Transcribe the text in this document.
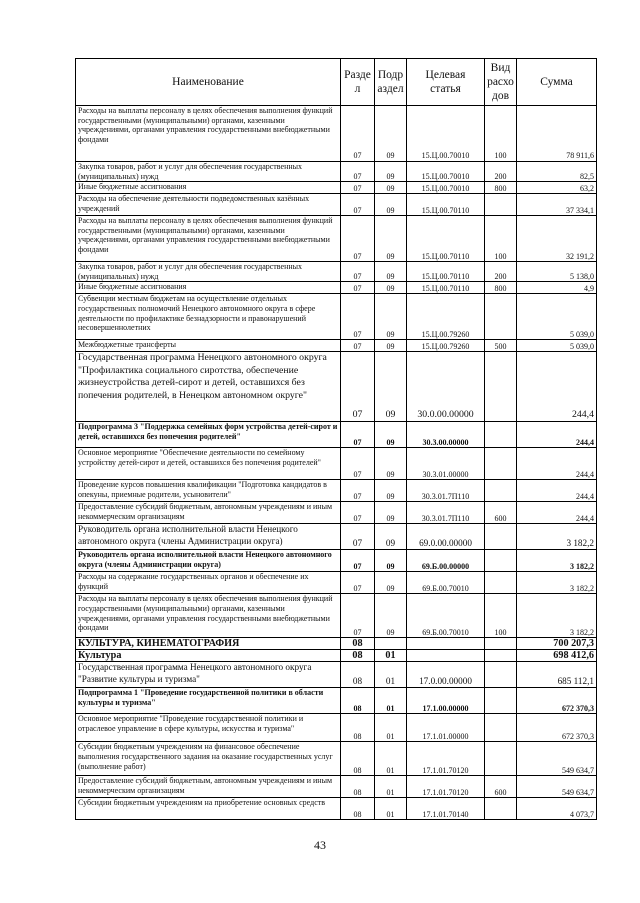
Наименование	Разде л	Подр аздел	Целевая статья	Вид расхо дов	Сумма
Расходы на выплаты персоналу в целях обеспечения выполнения функций государственными (муниципальными) органами, казенными учреждениями, органами управления государственными внебюджетными фондами	07	09	15.Ц.00.70010	100	78 911,6
Закупка товаров, работ и услуг для обеспечения государственных (муниципальных) нужд	07	09	15.Ц.00.70010	200	82,5
Иные бюджетные ассигнования	07	09	15.Ц.00.70010	800	63,2
Расходы на обеспечение деятельности подведомственных казённых учреждений	07	09	15.Ц.00.70110		37 334,1
Расходы на выплаты персоналу в целях обеспечения выполнения функций государственными (муниципальными) органами, казенными учреждениями, органами управления государственными внебюджетными фондами	07	09	15.Ц.00.70110	100	32 191,2
Закупка товаров, работ и услуг для обеспечения государственных (муниципальных) нужд	07	09	15.Ц.00.70110	200	5 138,0
Иные бюджетные ассигнования	07	09	15.Ц.00.70110	800	4,9
Субвенции местным бюджетам на осуществление отдельных государственных полномочий Ненецкого автономного округа в сфере деятельности по профилактике безнадзорности и правонарушений несовершеннолетних	07	09	15.Ц.00.79260		5 039,0
Межбюджетные трансферты	07	09	15.Ц.00.79260	500	5 039,0
Государственная программа Ненецкого автономного округа "Профилактика социального сиротства, обеспечение жизнеустройства детей-сирот и детей, оставшихся без попечения родителей, в Ненецком автономном округе"	07	09	30.0.00.00000		244,4
Подпрограмма 3 "Поддержка семейных форм устройства детей-сирот и детей, оставшихся без попечения родителей"	07	09	30.3.00.00000		244,4
Основное мероприятие "Обеспечение деятельности по семейному устройству детей-сирот и детей, оставшихся без попечения родителей"	07	09	30.3.01.00000		244,4
Проведение курсов повышения квалификации "Подготовка кандидатов в опекуны, приемные родители, усыновители"	07	09	30.3.01.7П110		244,4
Предоставление субсидий бюджетным, автономным учреждениям и иным некоммерческим организациям	07	09	30.3.01.7П110	600	244,4
Руководитель органа исполнительной власти Ненецкого автономного округа (члены Администрации округа)	07	09	69.0.00.00000		3 182,2
Руководитель органа исполнительной власти Ненецкого автономного округа (члены Администрации округа)	07	09	69.Б.00.00000		3 182,2
Расходы на содержание государственных органов и обеспечение их функций	07	09	69.Б.00.70010		3 182,2
Расходы на выплаты персоналу в целях обеспечения выполнения функций государственными (муниципальными) органами, казенными учреждениями, органами управления государственными внебюджетными фондами	07	09	69.Б.00.70010	100	3 182,2
КУЛЬТУРА, КИНЕМАТОГРАФИЯ	08				700 207,3
Культура	08	01			698 412,6
Государственная программа Ненецкого автономного округа "Развитие культуры и туризма"	08	01	17.0.00.00000		685 112,1
Подпрограмма 1 "Проведение государственной политики в области культуры и туризма"	08	01	17.1.00.00000		672 370,3
Основное мероприятие "Проведение государственной политики и отраслевое управление в сфере культуры, искусства и туризма"	08	01	17.1.01.00000		672 370,3
Субсидии бюджетным учреждениям на финансовое обеспечение выполнения государственного задания на оказание государственных услуг (выполнение работ)	08	01	17.1.01.70120		549 634,7
Предоставление субсидий бюджетным, автономным учреждениям и иным некоммерческим организациям	08	01	17.1.01.70120	600	549 634,7
Субсидии бюджетным учреждениям на приобретение основных средств	08	01	17.1.01.70140		4 073,7
43
